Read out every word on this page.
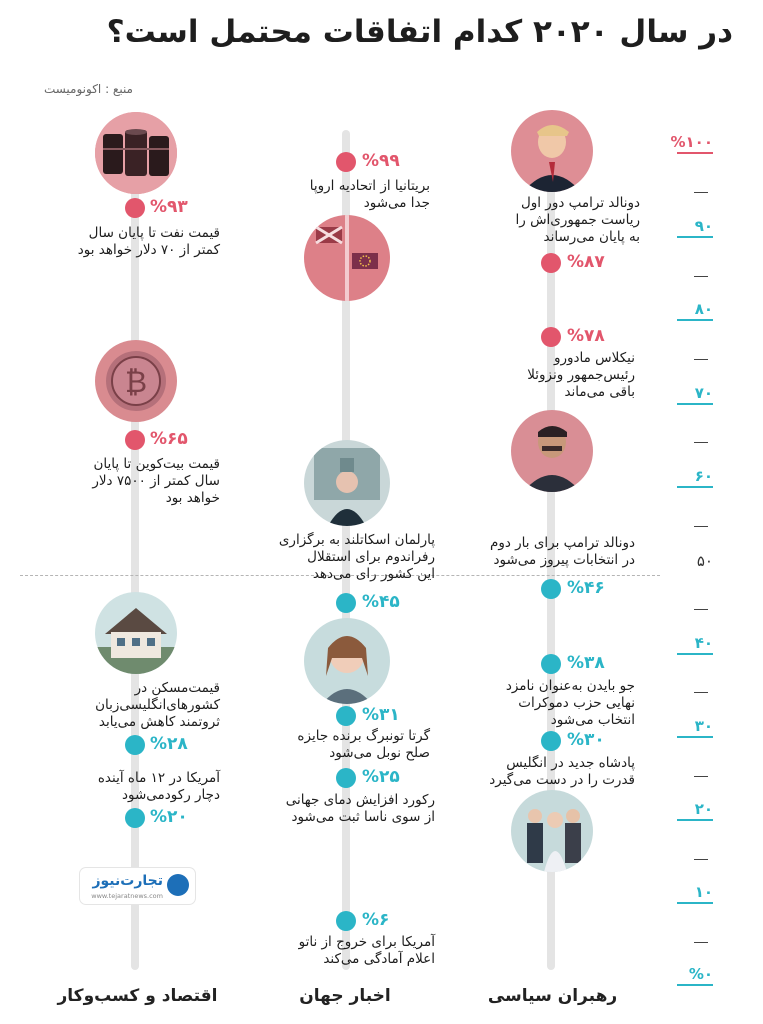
در سال ۲۰۲۰ کدام اتفاقات محتمل است؟
منبع : اکونومیست
%۱۰۰
۹۰
۸۰
۷۰
۶۰
۵۰
۴۰
۳۰
۲۰
۱۰
%۰
%۹۳
قیمت نفت تا پایان سال
کمتر از ۷۰ دلار خواهد بود
₿
%۶۵
قیمت بیت‌کوین تا پایان
سال کمتر از ۷۵۰۰ دلار
خواهد بود
قیمت‌مسکن در
کشورهای‌انگلیسی‌زبان
ثروتمند کاهش می‌یابد
%۲۸
آمریکا در ۱۲ ماه آینده
دچار رکود‌می‌شود
%۲۰
تجارت‌نیوز
www.tejaratnews.com
%۹۹
بریتانیا از اتحادیه اروپا
جدا می‌شود
پارلمان اسکاتلند به برگزاری
رفراندوم برای استقلال
این کشور رای می‌دهد
%۴۵
%۳۱
گرتا تونبرگ برنده جایزه
صلح نوبل می‌شود
%۲۵
رکورد افزایش دمای جهانی
از سوی ناسا ثبت می‌شود
%۶
آمریکا برای خروج از ناتو
اعلام آمادگی می‌کند
دونالد ترامپ دور اول
ریاست جمهوری‌اش را
به پایان می‌رساند
%۸۷
%۷۸
نیکلاس مادورو
رئیس‌جمهور ونزوئلا
باقی می‌ماند
دونالد ترامپ برای بار دوم
در انتخابات پیروز می‌شود
%۴۶
%۳۸
جو بایدن به‌عنوان نامزد
نهایی حزب دموکرات
انتخاب می‌شود
%۳۰
پادشاه جدید در انگلیس
قدرت را در دست می‌گیرد
اقتصاد و کسب‌وکار	اخبار جهان	رهبران سیاسی
